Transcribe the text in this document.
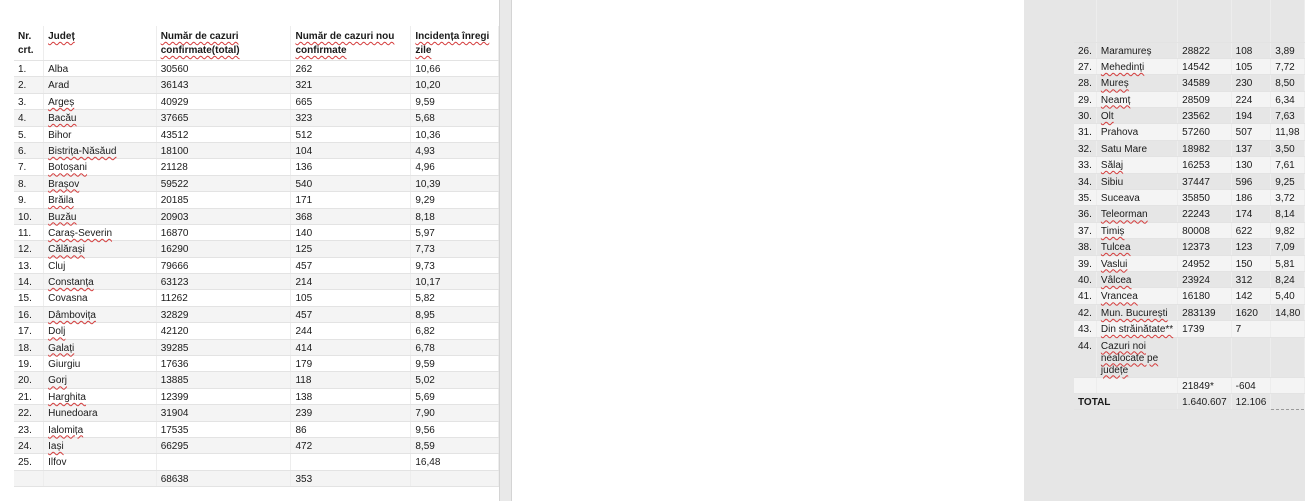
Nr. crt.	Județ	Număr de cazuri confirmate(total)	Număr de cazuri nou confirmate	Incidența înregi zile
1.	Alba	30560	262	10,66
2.	Arad	36143	321	10,20
3.	Argeș	40929	665	9,59
4.	Bacău	37665	323	5,68
5.	Bihor	43512	512	10,36
6.	Bistrița-Năsăud	18100	104	4,93
7.	Botoșani	21128	136	4,96
8.	Brașov	59522	540	10,39
9.	Brăila	20185	171	9,29
10.	Buzău	20903	368	8,18
11.	Caraș-Severin	16870	140	5,97
12.	Călărași	16290	125	7,73
13.	Cluj	79666	457	9,73
14.	Constanța	63123	214	10,17
15.	Covasna	11262	105	5,82
16.	Dâmbovița	32829	457	8,95
17.	Dolj	42120	244	6,82
18.	Galați	39285	414	6,78
19.	Giurgiu	17636	179	9,59
20.	Gorj	13885	118	5,02
21.	Harghita	12399	138	5,69
22.	Hunedoara	31904	239	7,90
23.	Ialomița	17535	86	9,56
24.	Iași	66295	472	8,59
25.	Ilfov			16,48
		68638	353	

26.	Maramureș	28822	108	3,89
27.	Mehedinți	14542	105	7,72
28.	Mureș	34589	230	8,50
29.	Neamț	28509	224	6,34
30.	Olt	23562	194	7,63
31.	Prahova	57260	507	11,98
32.	Satu Mare	18982	137	3,50
33.	Sălaj	16253	130	7,61
34.	Sibiu	37447	596	9,25
35.	Suceava	35850	186	3,72
36.	Teleorman	22243	174	8,14
37.	Timiș	80008	622	9,82
38.	Tulcea	12373	123	7,09
39.	Vaslui	24952	150	5,81
40.	Vâlcea	23924	312	8,24
41.	Vrancea	16180	142	5,40
42.	Mun. București	283139	1620	14,80
43.	Din străinătate**	1739	7	
44.	Cazuri noi nealocate pe județe			
		21849*	-604	
TOTAL		1.640.607	12.106	
